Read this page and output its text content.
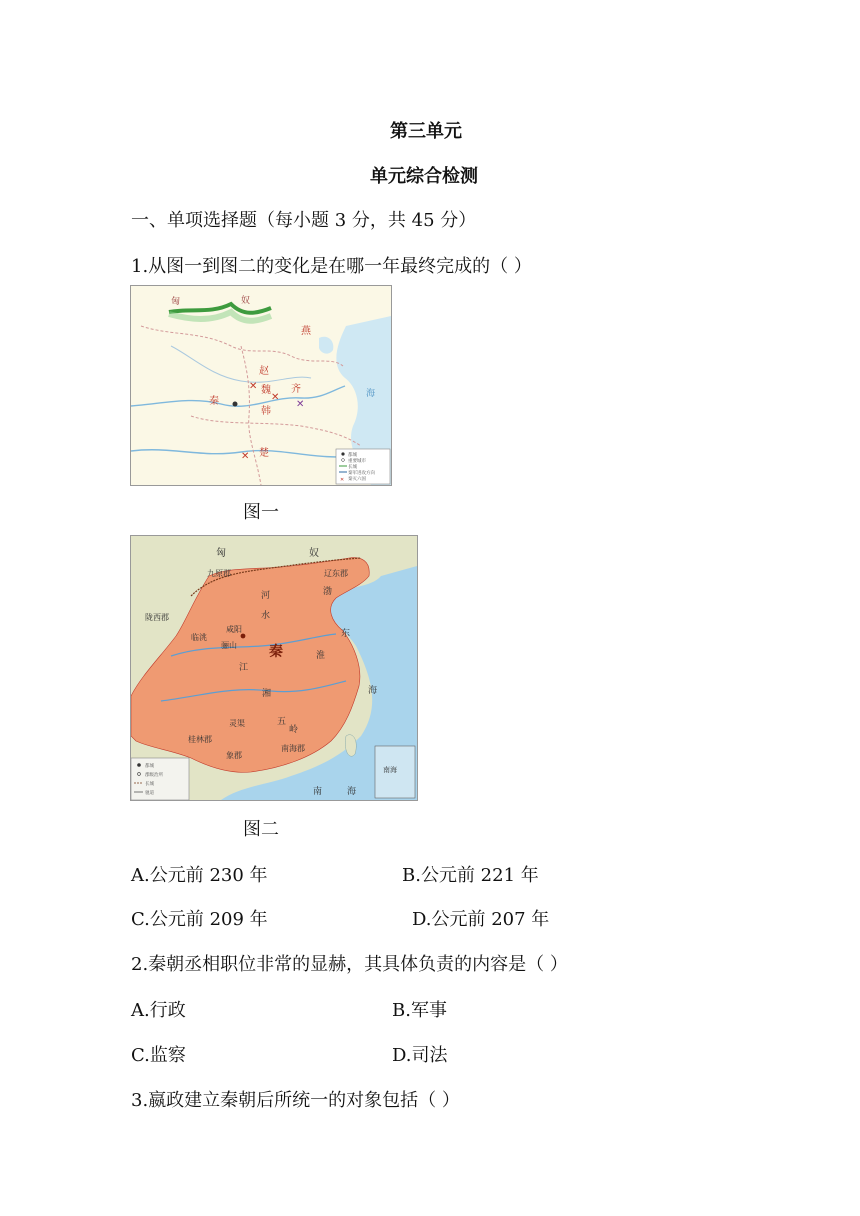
第三单元
单元综合检测
一、单项选择题（每小题 3 分，共 45 分）
1.从图一到图二的变化是在哪一年最终完成的（ ）
匈	奴
燕
赵
秦
魏
韩
齐
楚
海
✕
✕
✕
✕	都城
重要城市
长城
秦军进攻方向
✕ 秦灭六国
图一
匈	奴
九原郡	辽东郡
陇西郡
临洮
咸阳
骊山 秦
河
水
淮
江
湘
灵渠	五
岭
桂林郡
象郡
南海郡
东
海
渤
南	海
南海
都城
郡级治所
长城
驰道
图二
A.公元前 230 年	B.公元前 221 年
C.公元前 209 年	D.公元前 207 年
2.秦朝丞相职位非常的显赫，其具体负责的内容是（ ）
A.行政	B.军事
C.监察	D.司法
3.嬴政建立秦朝后所统一的对象包括（ ）
